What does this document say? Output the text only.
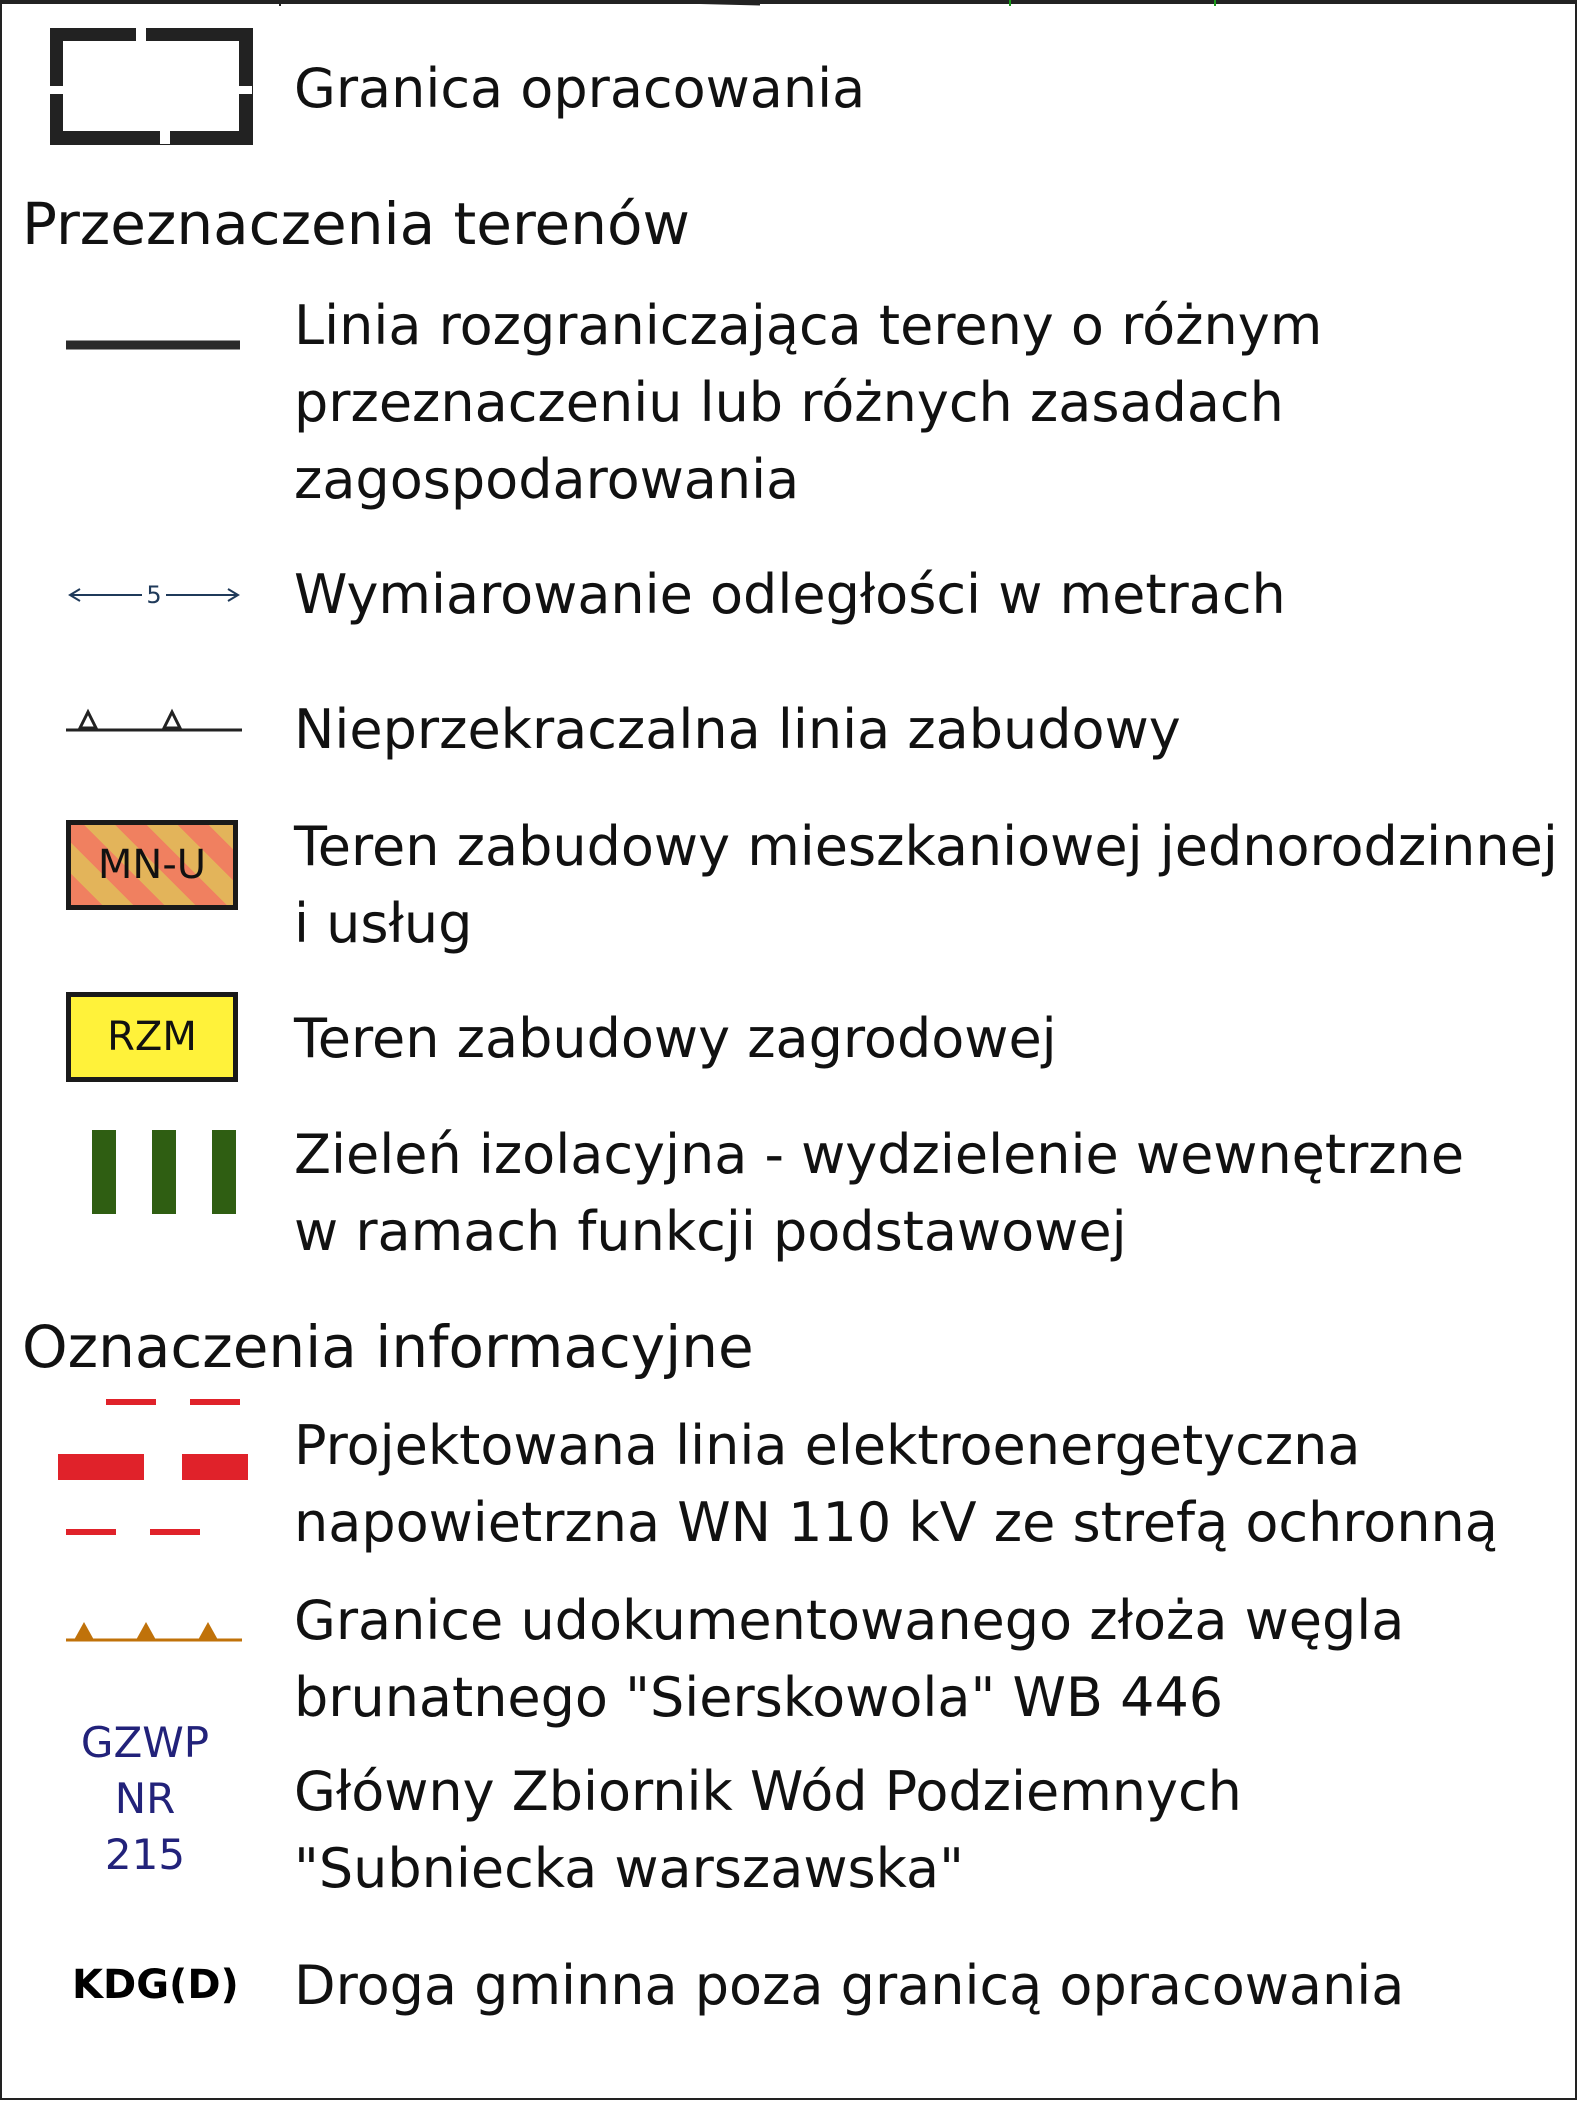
Granica opracowania
Przeznaczenia terenów
Linia rozgraniczająca tereny o różnym
przeznaczeniu lub różnych zasadach
zagospodarowania
5 Wymiarowanie odległości w metrach
Nieprzekraczalna linia zabudowy
MN-U	Teren zabudowy mieszkaniowej jednorodzinnej
i usług
RZM	Teren zabudowy zagrodowej
Zieleń izolacyjna - wydzielenie wewnętrzne
w ramach funkcji podstawowej
Oznaczenia informacyjne
Projektowana linia elektroenergetyczna
napowietrzna WN 110 kV ze strefą ochronną
Granice udokumentowanego złoża węgla
brunatnego "Sierskowola" WB 446
GZWP
NR
215
Główny Zbiornik Wód Podziemnych
"Subniecka warszawska"
KDG(D) Droga gminna poza granicą opracowania
